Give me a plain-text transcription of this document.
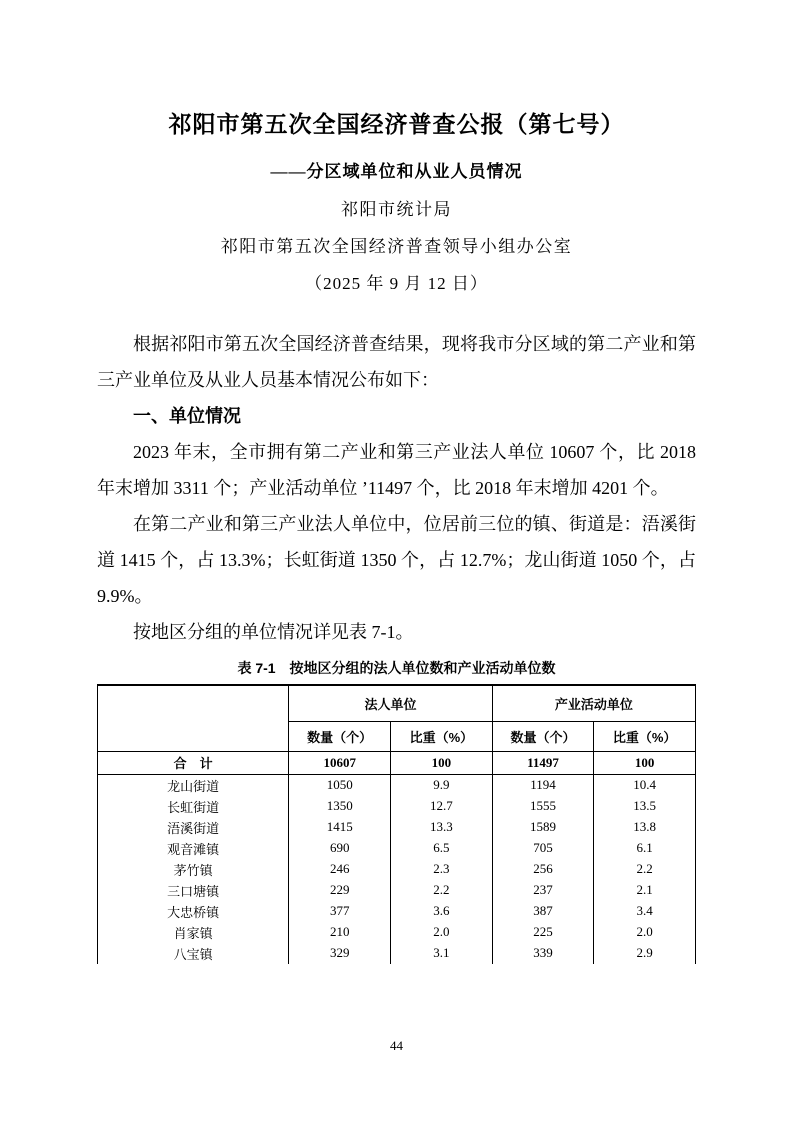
祁阳市第五次全国经济普查公报（第七号）
——分区域单位和从业人员情况
祁阳市统计局
祁阳市第五次全国经济普查领导小组办公室
（2025 年 9 月 12 日）

根据祁阳市第五次全国经济普查结果，现将我市分区域的第二产业和第三产业单位及从业人员基本情况公布如下：

一、单位情况

2023 年末，全市拥有第二产业和第三产业法人单位 10607 个，比 2018 年末增加 3311 个；产业活动单位 ’11497 个，比 2018 年末增加 4201 个。

在第二产业和第三产业法人单位中，位居前三位的镇、街道是：浯溪街道 1415 个，占 13.3%；长虹街道 1350 个，占 12.7%；龙山街道 1050 个，占 9.9%。

按地区分组的单位情况详见表 7-1。

表 7-1　按地区分组的法人单位数和产业活动单位数
	法人单位		产业活动单位	
	数量（个）	比重（%）	数量（个）	比重（%）
合　计	10607	100	11497	100
龙山街道	1050	9.9	1194	10.4
长虹街道	1350	12.7	1555	13.5
浯溪街道	1415	13.3	1589	13.8
观音滩镇	690	6.5	705	6.1
茅竹镇	246	2.3	256	2.2
三口塘镇	229	2.2	237	2.1
大忠桥镇	377	3.6	387	3.4
肖家镇	210	2.0	225	2.0
八宝镇	329	3.1	339	2.9
44
